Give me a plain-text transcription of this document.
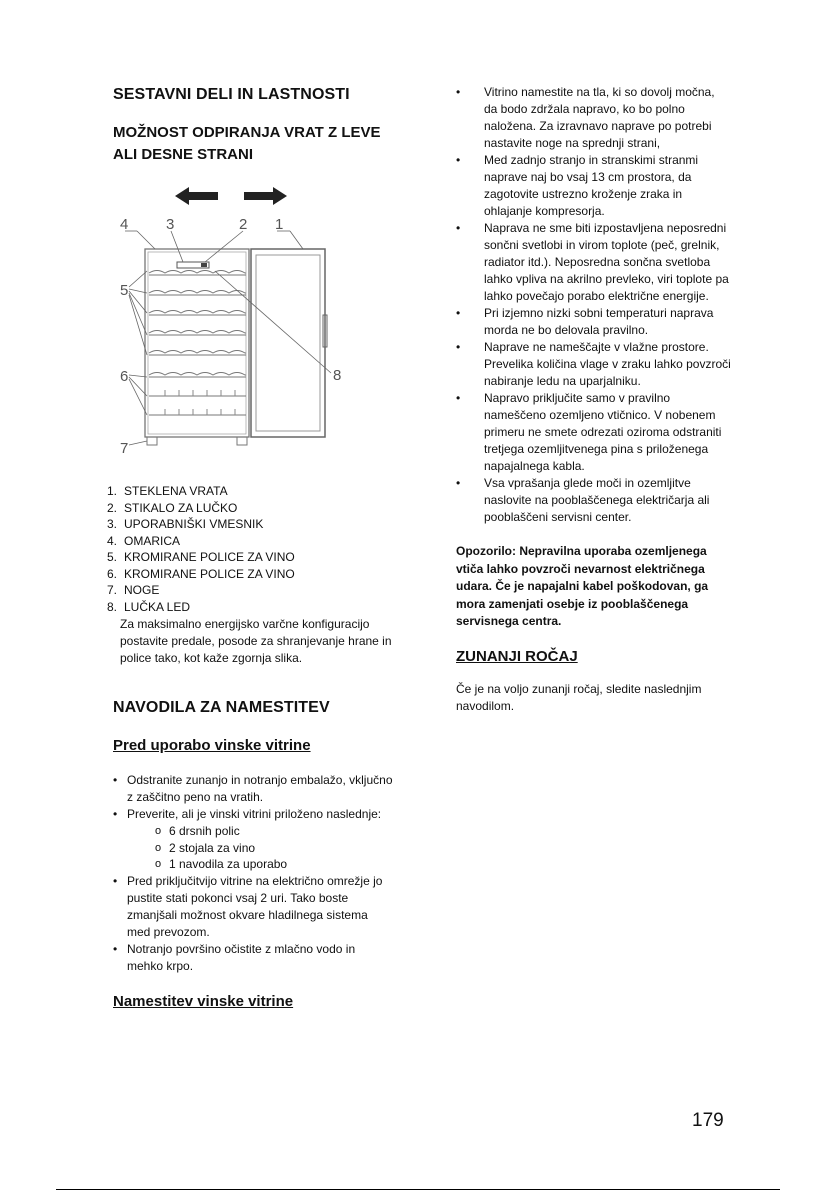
SESTAVNI DELI IN LASTNOSTI
MOŽNOST ODPIRANJA VRAT Z LEVE
ALI DESNE STRANI
4	3	2 1
5
6	8
7
1. STEKLENA VRATA
2. STIKALO ZA LUČKO
3. UPORABNIŠKI VMESNIK
4. OMARICA
5. KROMIRANE POLICE ZA VINO
6. KROMIRANE POLICE ZA VINO
7. NOGE
8. LUČKA LED

Za maksimalno energijsko varčne konfiguracijo postavite predale, posode za shranjevanje hrane in police tako, kot kaže zgornja slika.

NAVODILA ZA NAMESTITEV
Pred uporabo vinske vitrine
• Odstranite zunanjo in notranjo embalažo, vključno z zaščitno peno na vratih.
• Preverite, ali je vinski vitrini priloženo naslednje:
o 6 drsnih polic
o 2 stojala za vino
o 1 navodila za uporabo
• Pred priključitvijo vitrine na električno omrežje jo pustite stati pokonci vsaj 2 uri. Tako boste zmanjšali možnost okvare hladilnega sistema med prevozom.
• Notranjo površino očistite z mlačno vodo in mehko krpo.
Namestitev vinske vitrine
• Vitrino namestite na tla, ki so dovolj močna, da bodo zdržala napravo, ko bo polno naložena. Za izravnavo naprave po potrebi nastavite noge na sprednji strani,
• Med zadnjo stranjo in stranskimi stranmi naprave naj bo vsaj 13 cm prostora, da zagotovite ustrezno kroženje zraka in ohlajanje kompresorja.
• Naprava ne sme biti izpostavljena neposredni sončni svetlobi in virom toplote (peč, grelnik, radiator itd.). Neposredna sončna svetloba lahko vpliva na akrilno prevleko, viri toplote pa lahko povečajo porabo električne energije.
• Pri izjemno nizki sobni temperaturi naprava morda ne bo delovala pravilno.
• Naprave ne nameščajte v vlažne prostore. Prevelika količina vlage v zraku lahko povzroči nabiranje ledu na uparjalniku.
• Napravo priključite samo v pravilno nameščeno ozemljeno vtičnico. V nobenem primeru ne smete odrezati oziroma odstraniti tretjega ozemljitvenega pina s priloženega napajalnega kabla.
• Vsa vprašanja glede moči in ozemljitve naslovite na pooblaščenega električarja ali pooblaščeni servisni center.

Opozorilo: Nepravilna uporaba ozemljenega vtiča lahko povzroči nevarnost električnega udara. Če je napajalni kabel poškodovan, ga mora zamenjati osebje iz pooblaščenega servisnega centra.

ZUNANJI ROČAJ

Če je na voljo zunanji ročaj, sledite naslednjim navodilom.

179
